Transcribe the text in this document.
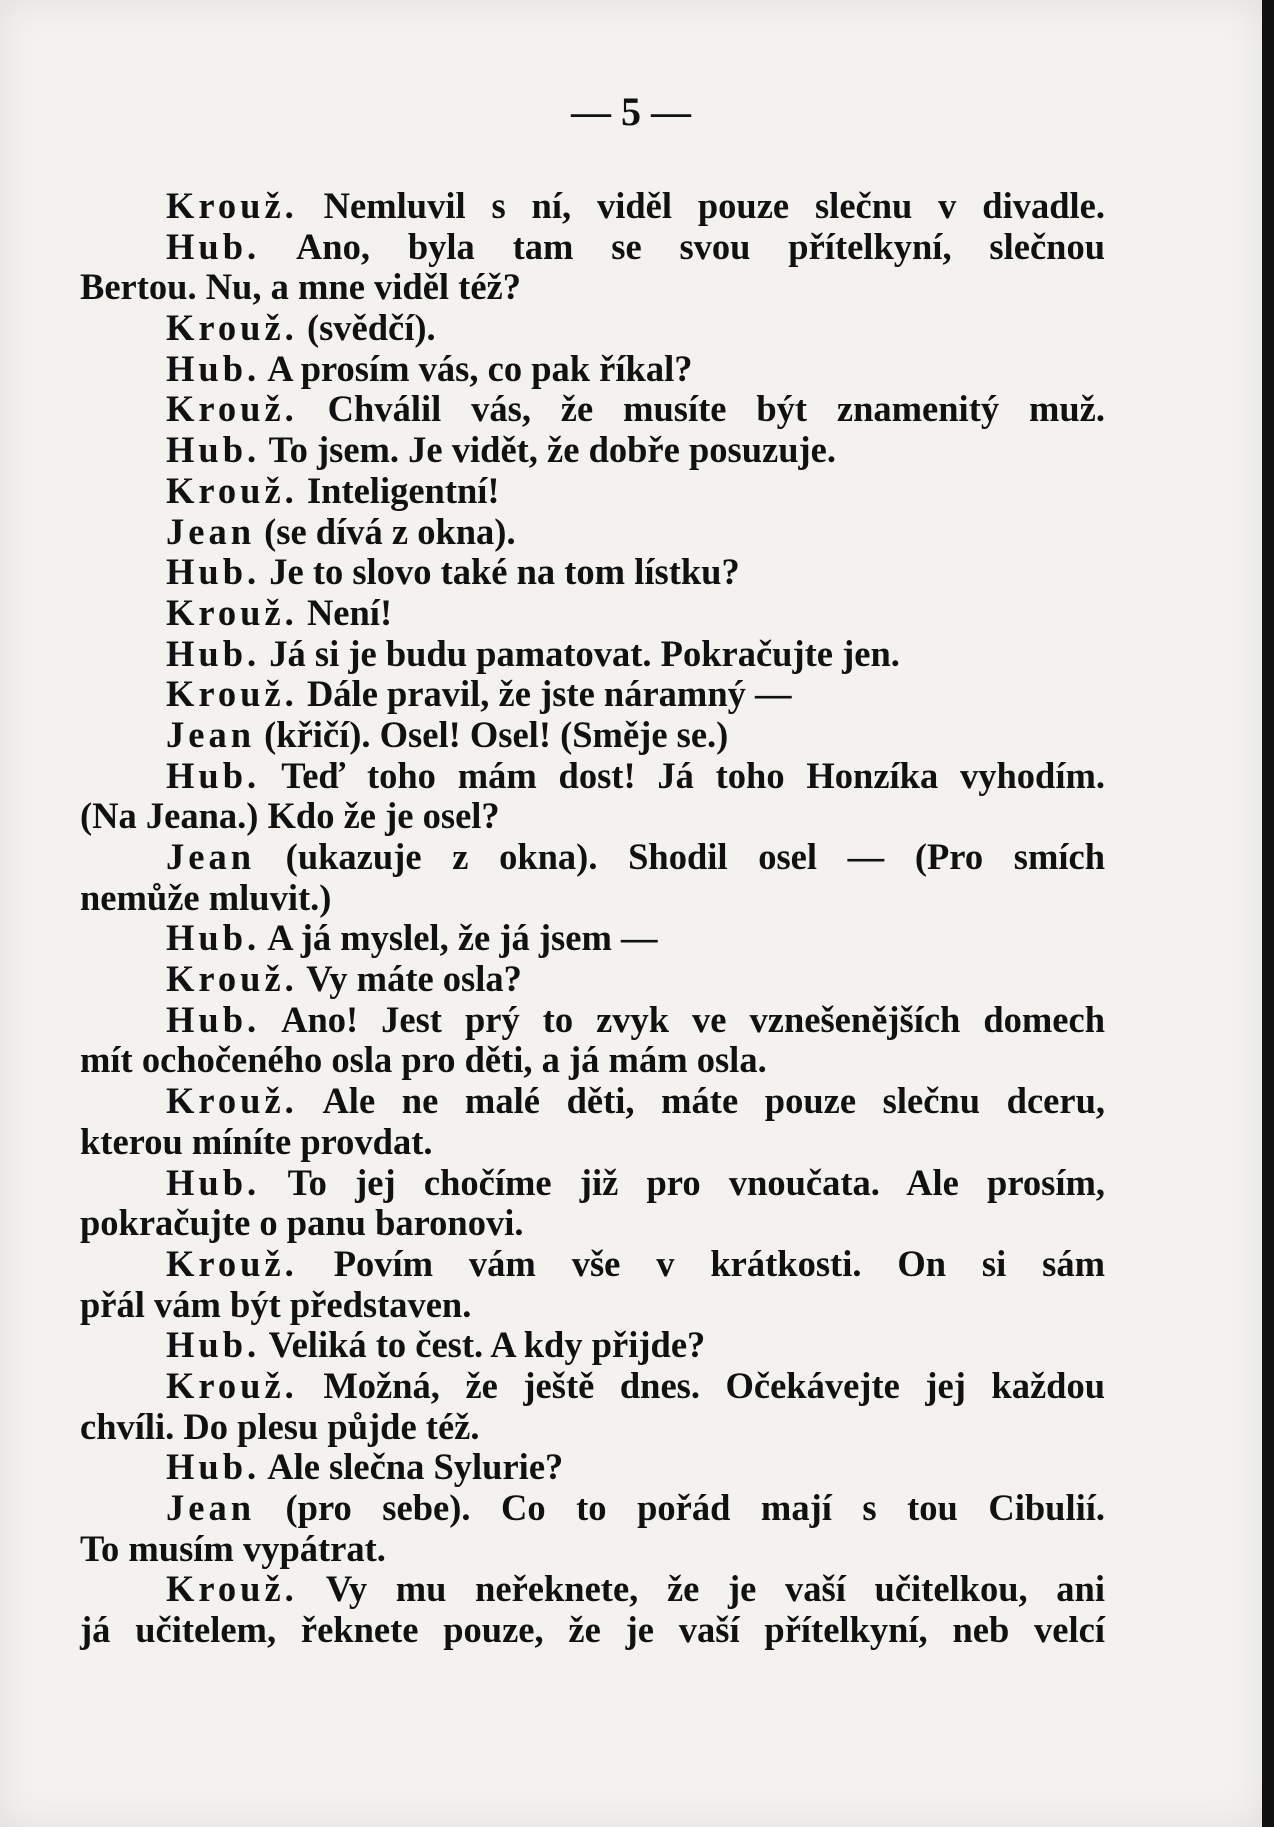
— 5 —
Krouž. Nemluvil s ní, viděl pouze slečnu v divadle.
Hub. Ano, byla tam se svou přítelkyní, slečnou
Bertou. Nu, a mne viděl též?
Krouž. (svědčí).
Hub. A prosím vás, co pak říkal?
Krouž. Chválil vás, že musíte být znamenitý muž.
Hub. To jsem. Je vidět, že dobře posuzuje.
Krouž. Inteligentní!
Jean (se dívá z okna).
Hub. Je to slovo také na tom lístku?
Krouž. Není!
Hub. Já si je budu pamatovat. Pokračujte jen.
Krouž. Dále pravil, že jste náramný —
Jean (křičí). Osel! Osel! (Směje se.)
Hub. Teď toho mám dost! Já toho Honzíka vyhodím.
(Na Jeana.) Kdo že je osel?
Jean (ukazuje z okna). Shodil osel — (Pro smích
nemůže mluvit.)
Hub. A já myslel, že já jsem —
Krouž. Vy máte osla?
Hub. Ano! Jest prý to zvyk ve vznešenějších domech
mít ochočeného osla pro děti, a já mám osla.
Krouž. Ale ne malé děti, máte pouze slečnu dceru,
kterou míníte provdat.
Hub. To jej chočíme již pro vnoučata. Ale prosím,
pokračujte o panu baronovi.
Krouž. Povím vám vše v krátkosti. On si sám
přál vám být představen.
Hub. Veliká to čest. A kdy přijde?
Krouž. Možná, že ještě dnes. Očekávejte jej každou
chvíli. Do plesu půjde též.
Hub. Ale slečna Sylurie?
Jean (pro sebe). Co to pořád mají s tou Cibulií.
To musím vypátrat.
Krouž. Vy mu neřeknete, že je vaší učitelkou, ani
já učitelem, řeknete pouze, že je vaší přítelkyní, neb velcí
